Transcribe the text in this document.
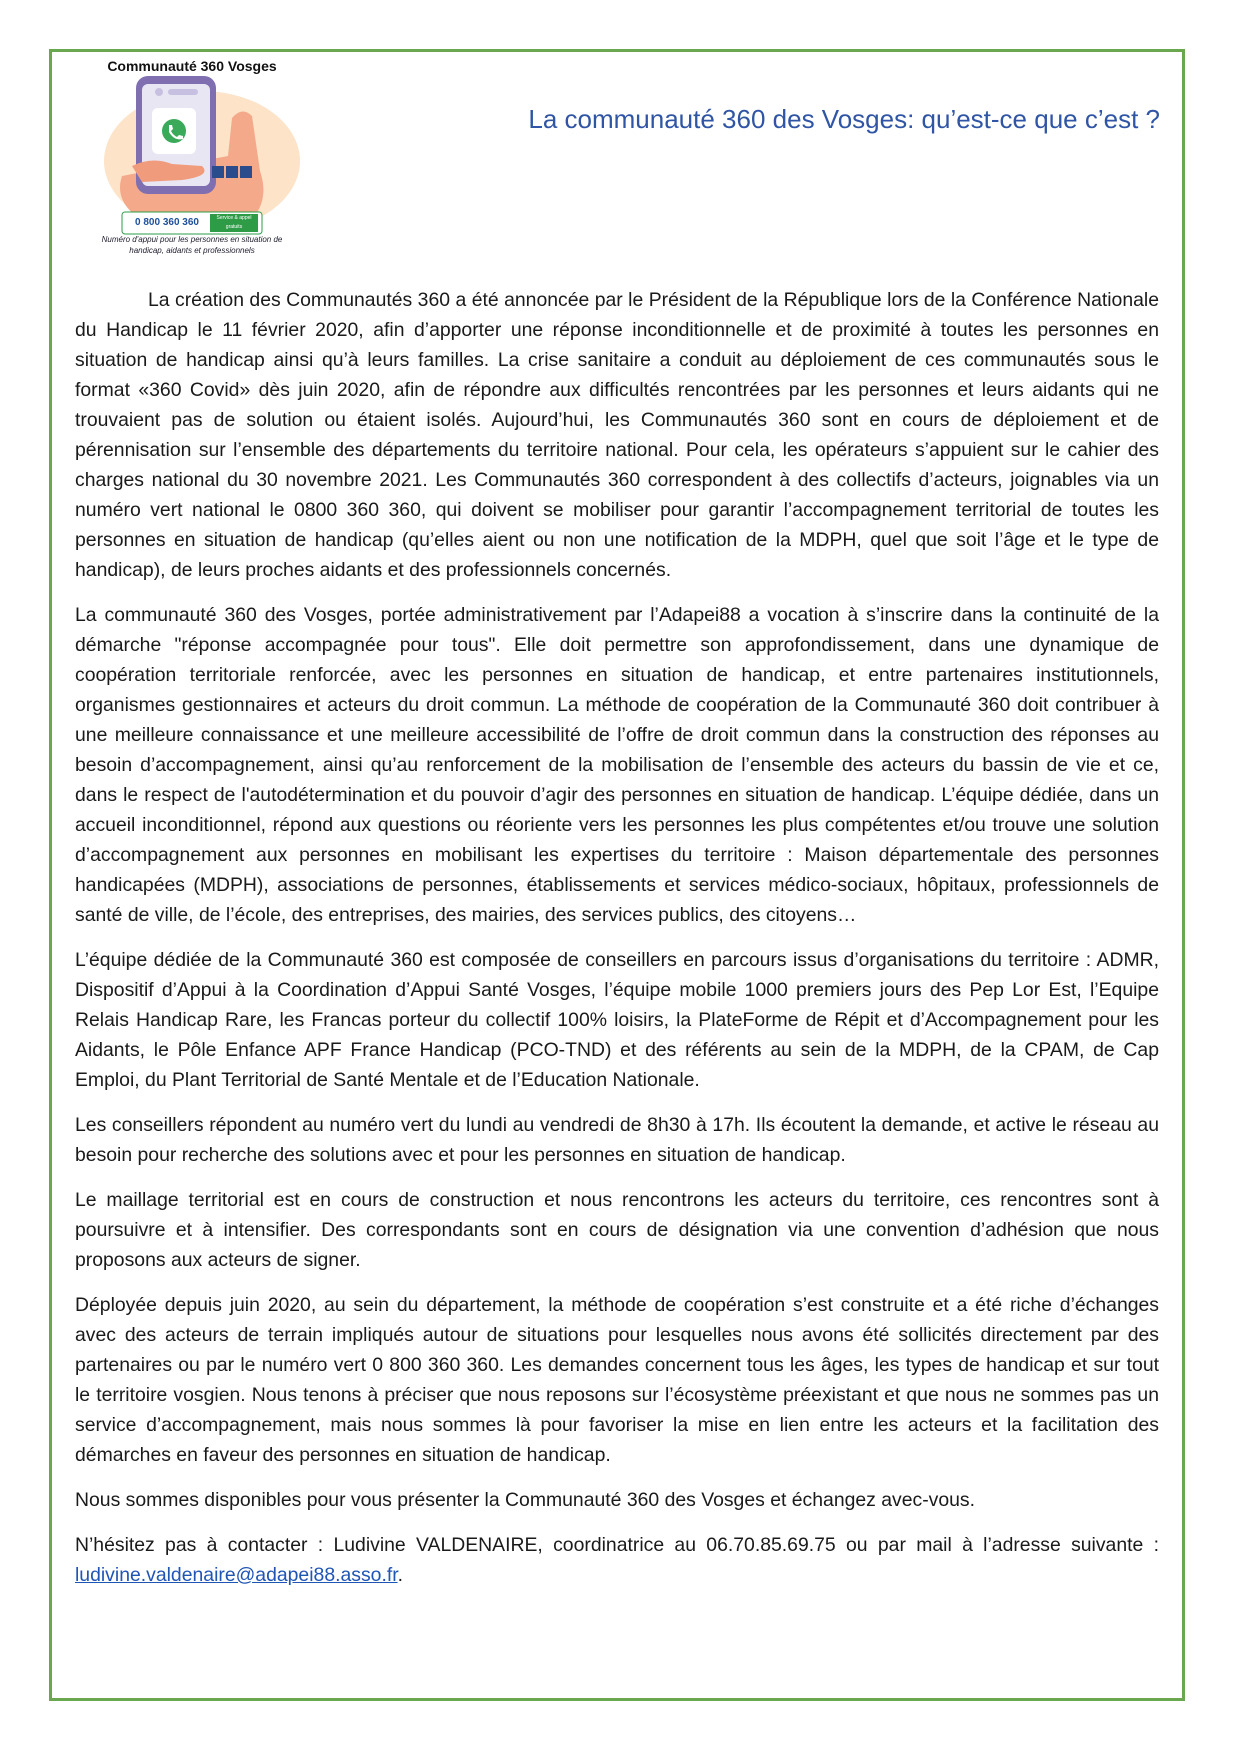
Communauté 360 Vosges
0 800 360 360	Service & appel gratuits
Numéro d'appui pour les personnes en situation de handicap, aidants et professionnels
La communauté 360 des Vosges: qu’est-ce que c’est ?

La création des Communautés 360 a été annoncée par le Président de la République lors de la Conférence Nationale du Handicap le 11 février 2020, afin d’apporter une réponse inconditionnelle et de proximité à toutes les personnes en situation de handicap ainsi qu’à leurs familles. La crise sanitaire a conduit au déploiement de ces communautés sous le format «360 Covid» dès juin 2020, afin de répondre aux difficultés rencontrées par les personnes et leurs aidants qui ne trouvaient pas de solution ou étaient isolés. Aujourd’hui, les Communautés 360 sont en cours de déploiement et de pérennisation sur l’ensemble des départements du territoire national. Pour cela, les opérateurs s’appuient sur le cahier des charges national du 30 novembre 2021. Les Communautés 360 correspondent à des collectifs d’acteurs, joignables via un numéro vert national le 0800 360 360, qui doivent se mobiliser pour garantir l’accompagnement territorial de toutes les personnes en situation de handicap (qu’elles aient ou non une notification de la MDPH, quel que soit l’âge et le type de handicap), de leurs proches aidants et des professionnels concernés.

La communauté 360 des Vosges, portée administrativement par l’Adapei88 a vocation à s’inscrire dans la continuité de la démarche "réponse accompagnée pour tous". Elle doit permettre son approfondissement, dans une dynamique de coopération territoriale renforcée, avec les personnes en situation de handicap, et entre partenaires institutionnels, organismes gestionnaires et acteurs du droit commun. La méthode de coopération de la Communauté 360 doit contribuer à une meilleure connaissance et une meilleure accessibilité de l’offre de droit commun dans la construction des réponses au besoin d’accompagnement, ainsi qu’au renforcement de la mobilisation de l’ensemble des acteurs du bassin de vie et ce, dans le respect de l'autodétermination et du pouvoir d’agir des personnes en situation de handicap. L’équipe dédiée, dans un accueil inconditionnel, répond aux questions ou réoriente vers les personnes les plus compétentes et/ou trouve une solution d’accompagnement aux personnes en mobilisant les expertises du territoire : Maison départementale des personnes handicapées (MDPH), associations de personnes, établissements et services médico-sociaux, hôpitaux, professionnels de santé de ville, de l’école, des entreprises, des mairies, des services publics, des citoyens…

L’équipe dédiée de la Communauté 360 est composée de conseillers en parcours issus d’organisations du territoire : ADMR, Dispositif d’Appui à la Coordination d’Appui Santé Vosges, l’équipe mobile 1000 premiers jours des Pep Lor Est, l’Equipe Relais Handicap Rare, les Francas porteur du collectif 100% loisirs, la PlateForme de Répit et d’Accompagnement pour les Aidants, le Pôle Enfance APF France Handicap (PCO-TND) et des référents au sein de la MDPH, de la CPAM, de Cap Emploi, du Plant Territorial de Santé Mentale et de l’Education Nationale.

Les conseillers répondent au numéro vert du lundi au vendredi de 8h30 à 17h. Ils écoutent la demande, et active le réseau au besoin pour recherche des solutions avec et pour les personnes en situation de handicap.

Le maillage territorial est en cours de construction et nous rencontrons les acteurs du territoire, ces rencontres sont à poursuivre et à intensifier. Des correspondants sont en cours de désignation via une convention d’adhésion que nous proposons aux acteurs de signer.

Déployée depuis juin 2020, au sein du département, la méthode de coopération s’est construite et a été riche d’échanges avec des acteurs de terrain impliqués autour de situations pour lesquelles nous avons été sollicités directement par des partenaires ou par le numéro vert 0 800 360 360. Les demandes concernent tous les âges, les types de handicap et sur tout le territoire vosgien. Nous tenons à préciser que nous reposons sur l’écosystème préexistant et que nous ne sommes pas un service d’accompagnement, mais nous sommes là pour favoriser la mise en lien entre les acteurs et la facilitation des démarches en faveur des personnes en situation de handicap.

Nous sommes disponibles pour vous présenter la Communauté 360 des Vosges et échangez avec-vous.

N’hésitez pas à contacter : Ludivine VALDENAIRE, coordinatrice au 06.70.85.69.75 ou par mail à l’adresse suivante : ludivine.valdenaire@adapei88.asso.fr.
